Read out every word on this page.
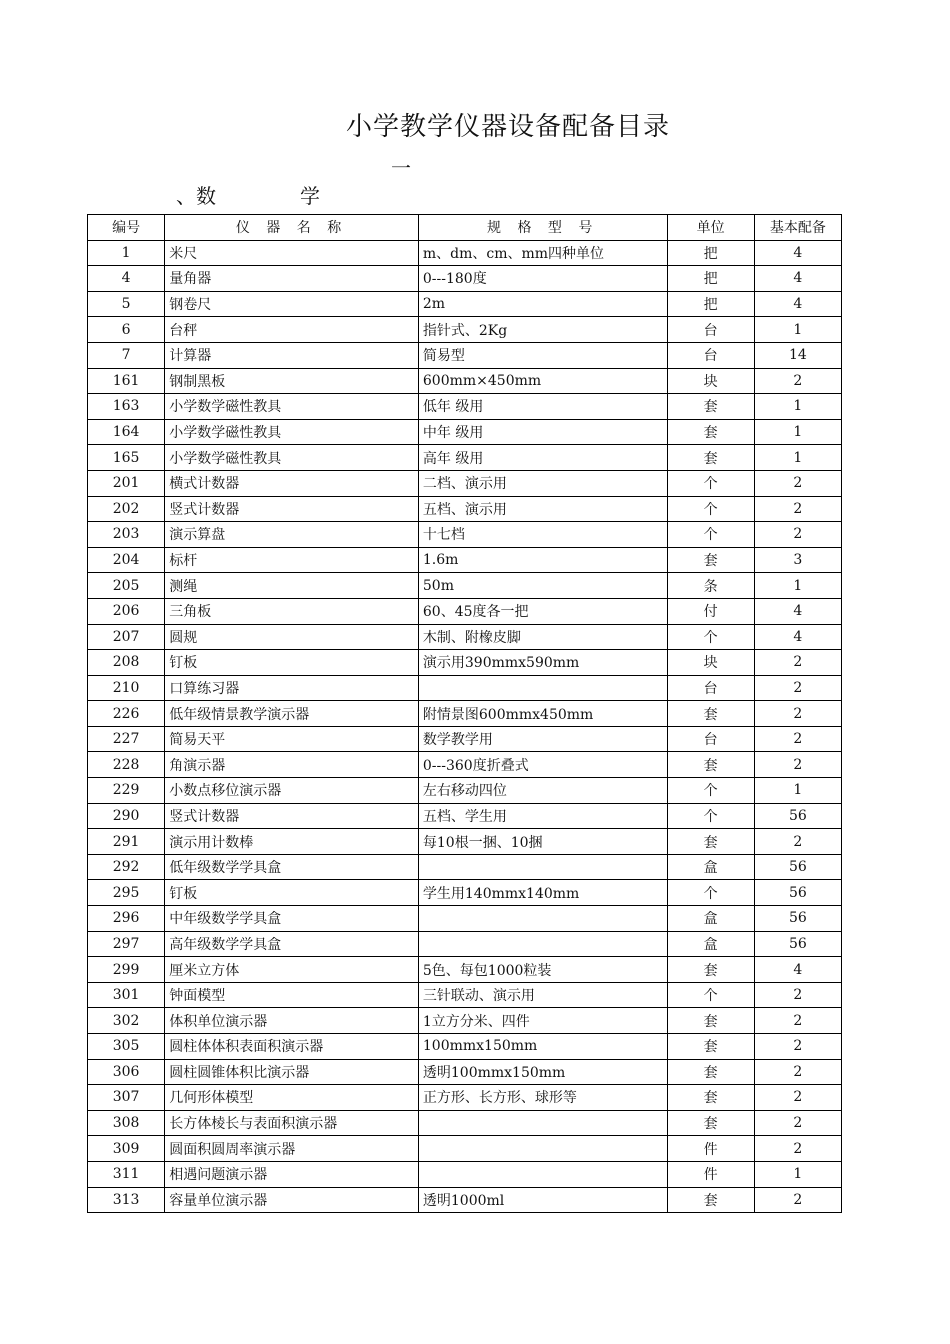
小学教学仪器设备配备目录
一
、数	学
编号	仪 器 名 称	规 格 型 号	单位	基本配备
1	米尺	m、dm、cm、mm四种单位	把	4
4	量角器	0---180度	把	4
5	钢卷尺	2m	把	4
6	台秤	指针式、2Kg	台	1
7	计算器	简易型	台	14
161	钢制黑板	600mm×450mm	块	2
163	小学数学磁性教具	低年 级用	套	1
164	小学数学磁性教具	中年 级用	套	1
165	小学数学磁性教具	高年 级用	套	1
201	横式计数器	二档、演示用	个	2
202	竖式计数器	五档、演示用	个	2
203	演示算盘	十七档	个	2
204	标杆	1.6m	套	3
205	测绳	50m	条	1
206	三角板	60、45度各一把	付	4
207	圆规	木制、附橡皮脚	个	4
208	钉板	演示用390mmx590mm	块	2
210	口算练习器		台	2
226	低年级情景教学演示器	附情景图600mmx450mm	套	2
227	简易天平	数学教学用	台	2
228	角演示器	0---360度折叠式	套	2
229	小数点移位演示器	左右移动四位	个	1
290	竖式计数器	五档、学生用	个	56
291	演示用计数棒	每10根一捆、10捆	套	2
292	低年级数学学具盒		盒	56
295	钉板	学生用140mmx140mm	个	56
296	中年级数学学具盒		盒	56
297	高年级数学学具盒		盒	56
299	厘米立方体	5色、每包1000粒装	套	4
301	钟面模型	三针联动、演示用	个	2
302	体积单位演示器	1立方分米、四件	套	2
305	圆柱体体积表面积演示器	100mmx150mm	套	2
306	圆柱圆锥体积比演示器	透明100mmx150mm	套	2
307	几何形体模型	正方形、长方形、球形等	套	2
308	长方体棱长与表面积演示器		套	2
309	圆面积圆周率演示器		件	2
311	相遇问题演示器		件	1
313	容量单位演示器	透明1000ml	套	2
